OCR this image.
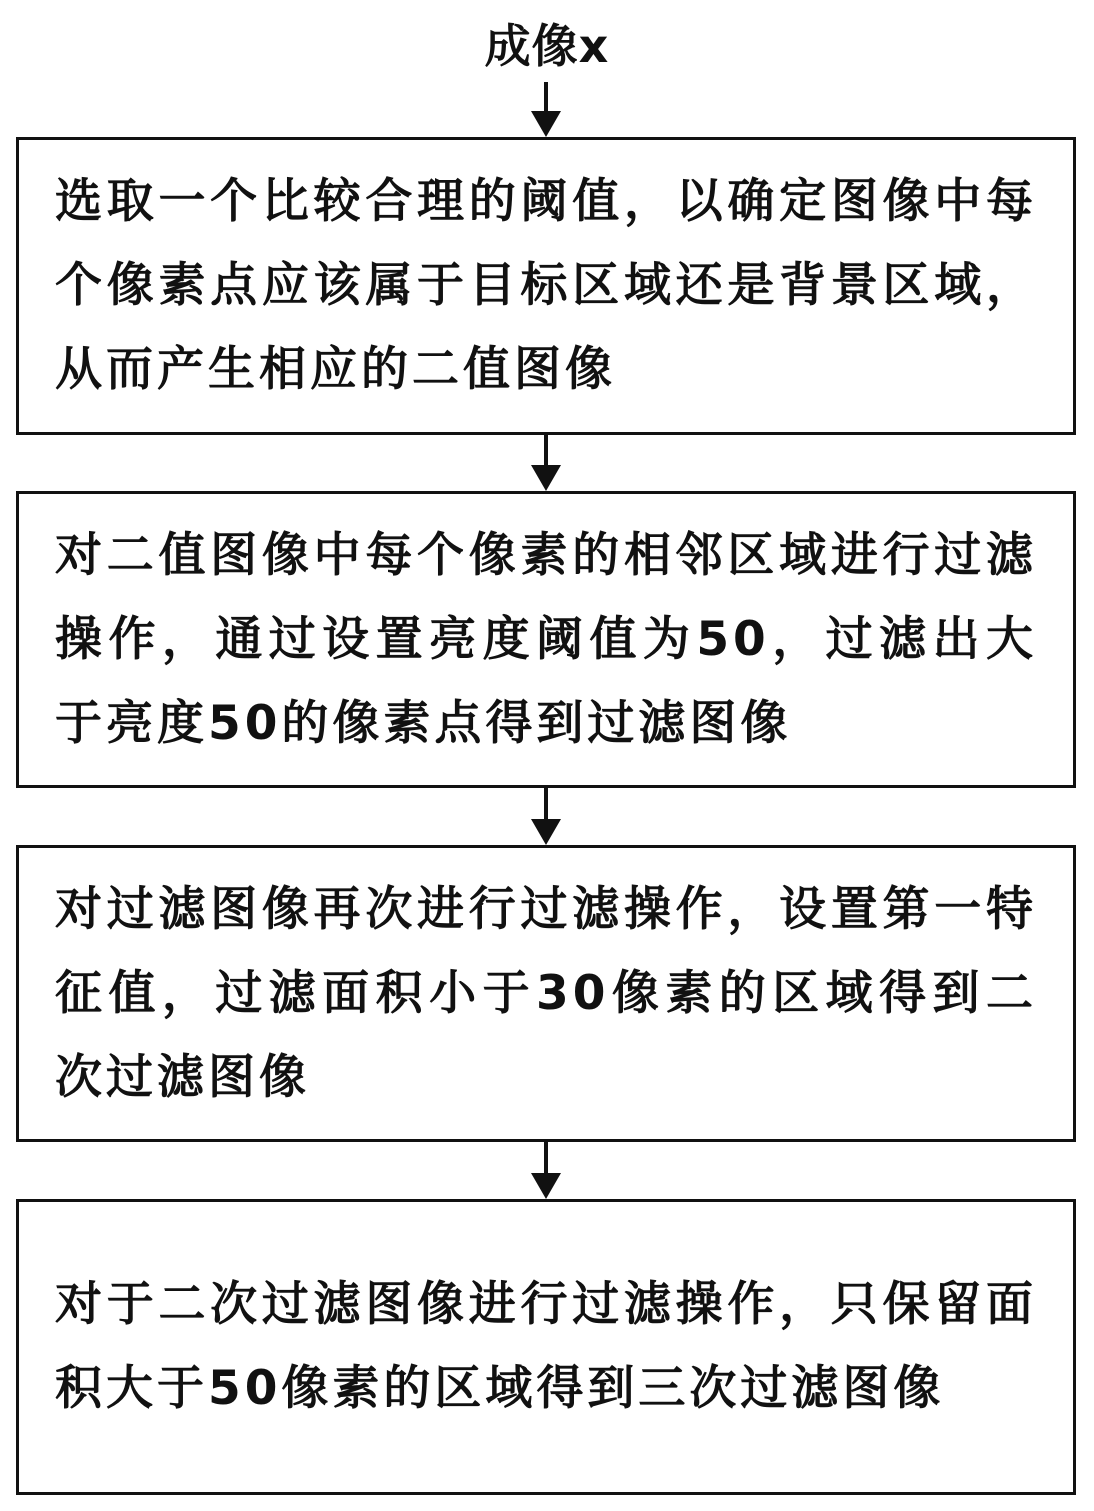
成像x
选取一个比较合理的阈值，以确定图像中每个像素点应该属于目标区域还是背景区域，从而产生相应的二值图像
对二值图像中每个像素的相邻区域进行过滤操作，通过设置亮度阈值为50，过滤出大于亮度50的像素点得到过滤图像
对过滤图像再次进行过滤操作，设置第一特征值，过滤面积小于30像素的区域得到二次过滤图像
对于二次过滤图像进行过滤操作，只保留面积大于50像素的区域得到三次过滤图像
